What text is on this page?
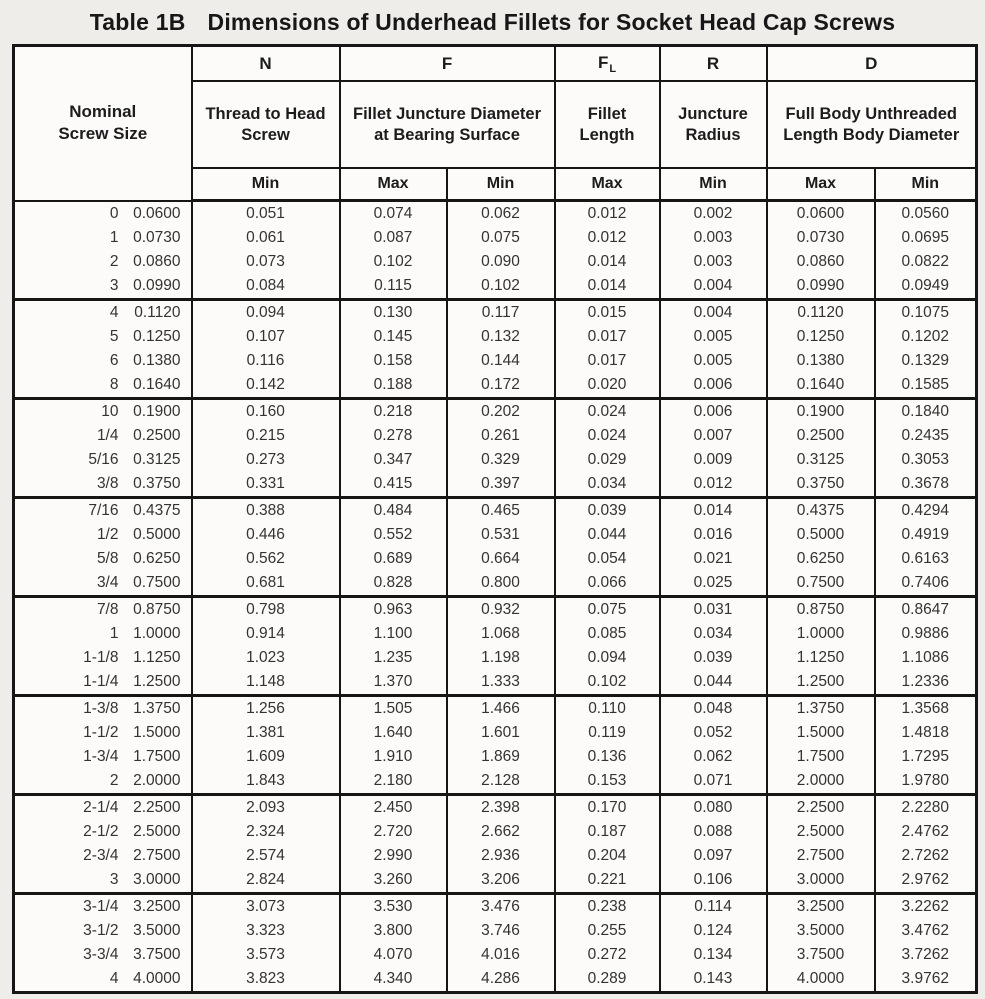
Table 1B Dimensions of Underhead Fillets for Socket Head Cap Screws
Nominal Screw Size	N	F		$F_L$	R	D	
	Thread to Head Screw	Fillet Juncture Diameter at Bearing Surface		Fillet Length	Juncture Radius	Full Body Unthreaded Length Body Diameter	
	Min	Max	Min	Max	Min	Max	Min
0 0.0600	0.051	0.074	0.062	0.012	0.002	0.0600	0.0560
1 0.0730	0.061	0.087	0.075	0.012	0.003	0.0730	0.0695
2 0.0860	0.073	0.102	0.090	0.014	0.003	0.0860	0.0822
3 0.0990	0.084	0.115	0.102	0.014	0.004	0.0990	0.0949
4 0.1120	0.094	0.130	0.117	0.015	0.004	0.1120	0.1075
5 0.1250	0.107	0.145	0.132	0.017	0.005	0.1250	0.1202
6 0.1380	0.116	0.158	0.144	0.017	0.005	0.1380	0.1329
8 0.1640	0.142	0.188	0.172	0.020	0.006	0.1640	0.1585
10 0.1900	0.160	0.218	0.202	0.024	0.006	0.1900	0.1840
1/4 0.2500	0.215	0.278	0.261	0.024	0.007	0.2500	0.2435
5/16 0.3125	0.273	0.347	0.329	0.029	0.009	0.3125	0.3053
3/8 0.3750	0.331	0.415	0.397	0.034	0.012	0.3750	0.3678
7/16 0.4375	0.388	0.484	0.465	0.039	0.014	0.4375	0.4294
1/2 0.5000	0.446	0.552	0.531	0.044	0.016	0.5000	0.4919
5/8 0.6250	0.562	0.689	0.664	0.054	0.021	0.6250	0.6163
3/4 0.7500	0.681	0.828	0.800	0.066	0.025	0.7500	0.7406
7/8 0.8750	0.798	0.963	0.932	0.075	0.031	0.8750	0.8647
1 1.0000	0.914	1.100	1.068	0.085	0.034	1.0000	0.9886
1-1/8 1.1250	1.023	1.235	1.198	0.094	0.039	1.1250	1.1086
1-1/4 1.2500	1.148	1.370	1.333	0.102	0.044	1.2500	1.2336
1-3/8 1.3750	1.256	1.505	1.466	0.110	0.048	1.3750	1.3568
1-1/2 1.5000	1.381	1.640	1.601	0.119	0.052	1.5000	1.4818
1-3/4 1.7500	1.609	1.910	1.869	0.136	0.062	1.7500	1.7295
2 2.0000	1.843	2.180	2.128	0.153	0.071	2.0000	1.9780
2-1/4 2.2500	2.093	2.450	2.398	0.170	0.080	2.2500	2.2280
2-1/2 2.5000	2.324	2.720	2.662	0.187	0.088	2.5000	2.4762
2-3/4 2.7500	2.574	2.990	2.936	0.204	0.097	2.7500	2.7262
3 3.0000	2.824	3.260	3.206	0.221	0.106	3.0000	2.9762
3-1/4 3.2500	3.073	3.530	3.476	0.238	0.114	3.2500	3.2262
3-1/2 3.5000	3.323	3.800	3.746	0.255	0.124	3.5000	3.4762
3-3/4 3.7500	3.573	4.070	4.016	0.272	0.134	3.7500	3.7262
4 4.0000	3.823	4.340	4.286	0.289	0.143	4.0000	3.9762
